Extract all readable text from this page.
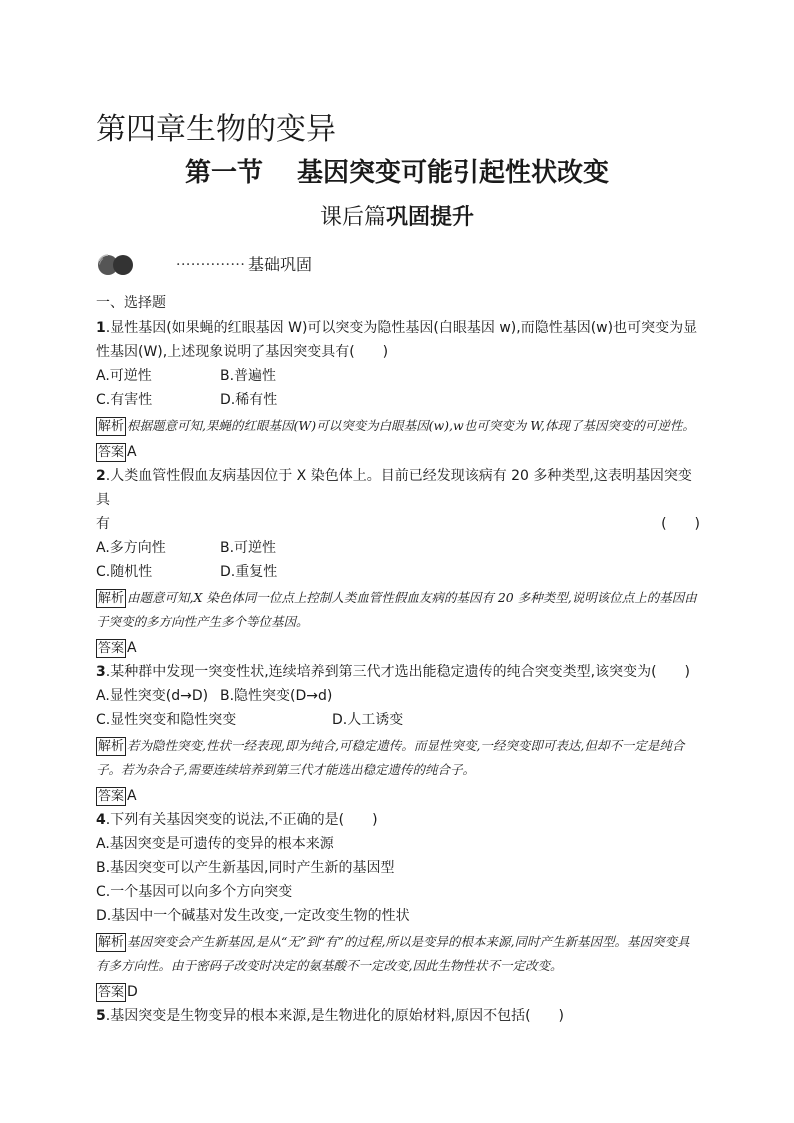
第四章生物的变异
第一节 基因突变可能引起性状改变
课后篇巩固提升
·············· 基础巩固

一、选择题

1.显性基因(如果蝇的红眼基因 W)可以突变为隐性基因(白眼基因 w),而隐性基因(w)也可突变为显性基因(W),上述现象说明了基因突变具有(　　)

A.可逆性	B.普遍性
C.有害性	D.稀有性

解析 根据题意可知,果蝇的红眼基因(W)可以突变为白眼基因(w),w也可突变为 W,体现了基因突变的可逆性。

答案 A

2.人类血管性假血友病基因位于 X 染色体上。目前已经发现该病有 20 多种类型,这表明基因突变具

有	(　　)

A.多方向性	B.可逆性
C.随机性	D.重复性

解析 由题意可知,X 染色体同一位点上控制人类血管性假血友病的基因有 20 多种类型,说明该位点上的基因由于突变的多方向性产生多个等位基因。

答案 A

3.某种群中发现一突变性状,连续培养到第三代才选出能稳定遗传的纯合突变类型,该突变为(　　)

A.显性突变(d→D) B.隐性突变(D→d)
C.显性突变和隐性突变	D.人工诱变

解析 若为隐性突变,性状一经表现,即为纯合,可稳定遗传。而显性突变,一经突变即可表达,但却不一定是纯合子。若为杂合子,需要连续培养到第三代才能选出稳定遗传的纯合子。

答案 A

4.下列有关基因突变的说法,不正确的是(　　)

A.基因突变是可遗传的变异的根本来源
B.基因突变可以产生新基因,同时产生新的基因型
C.一个基因可以向多个方向突变
D.基因中一个碱基对发生改变,一定改变生物的性状

解析 基因突变会产生新基因,是从“无”到“有”的过程,所以是变异的根本来源,同时产生新基因型。基因突变具有多方向性。由于密码子改变时决定的氨基酸不一定改变,因此生物性状不一定改变。

答案 D

5.基因突变是生物变异的根本来源,是生物进化的原始材料,原因不包括(　　)
